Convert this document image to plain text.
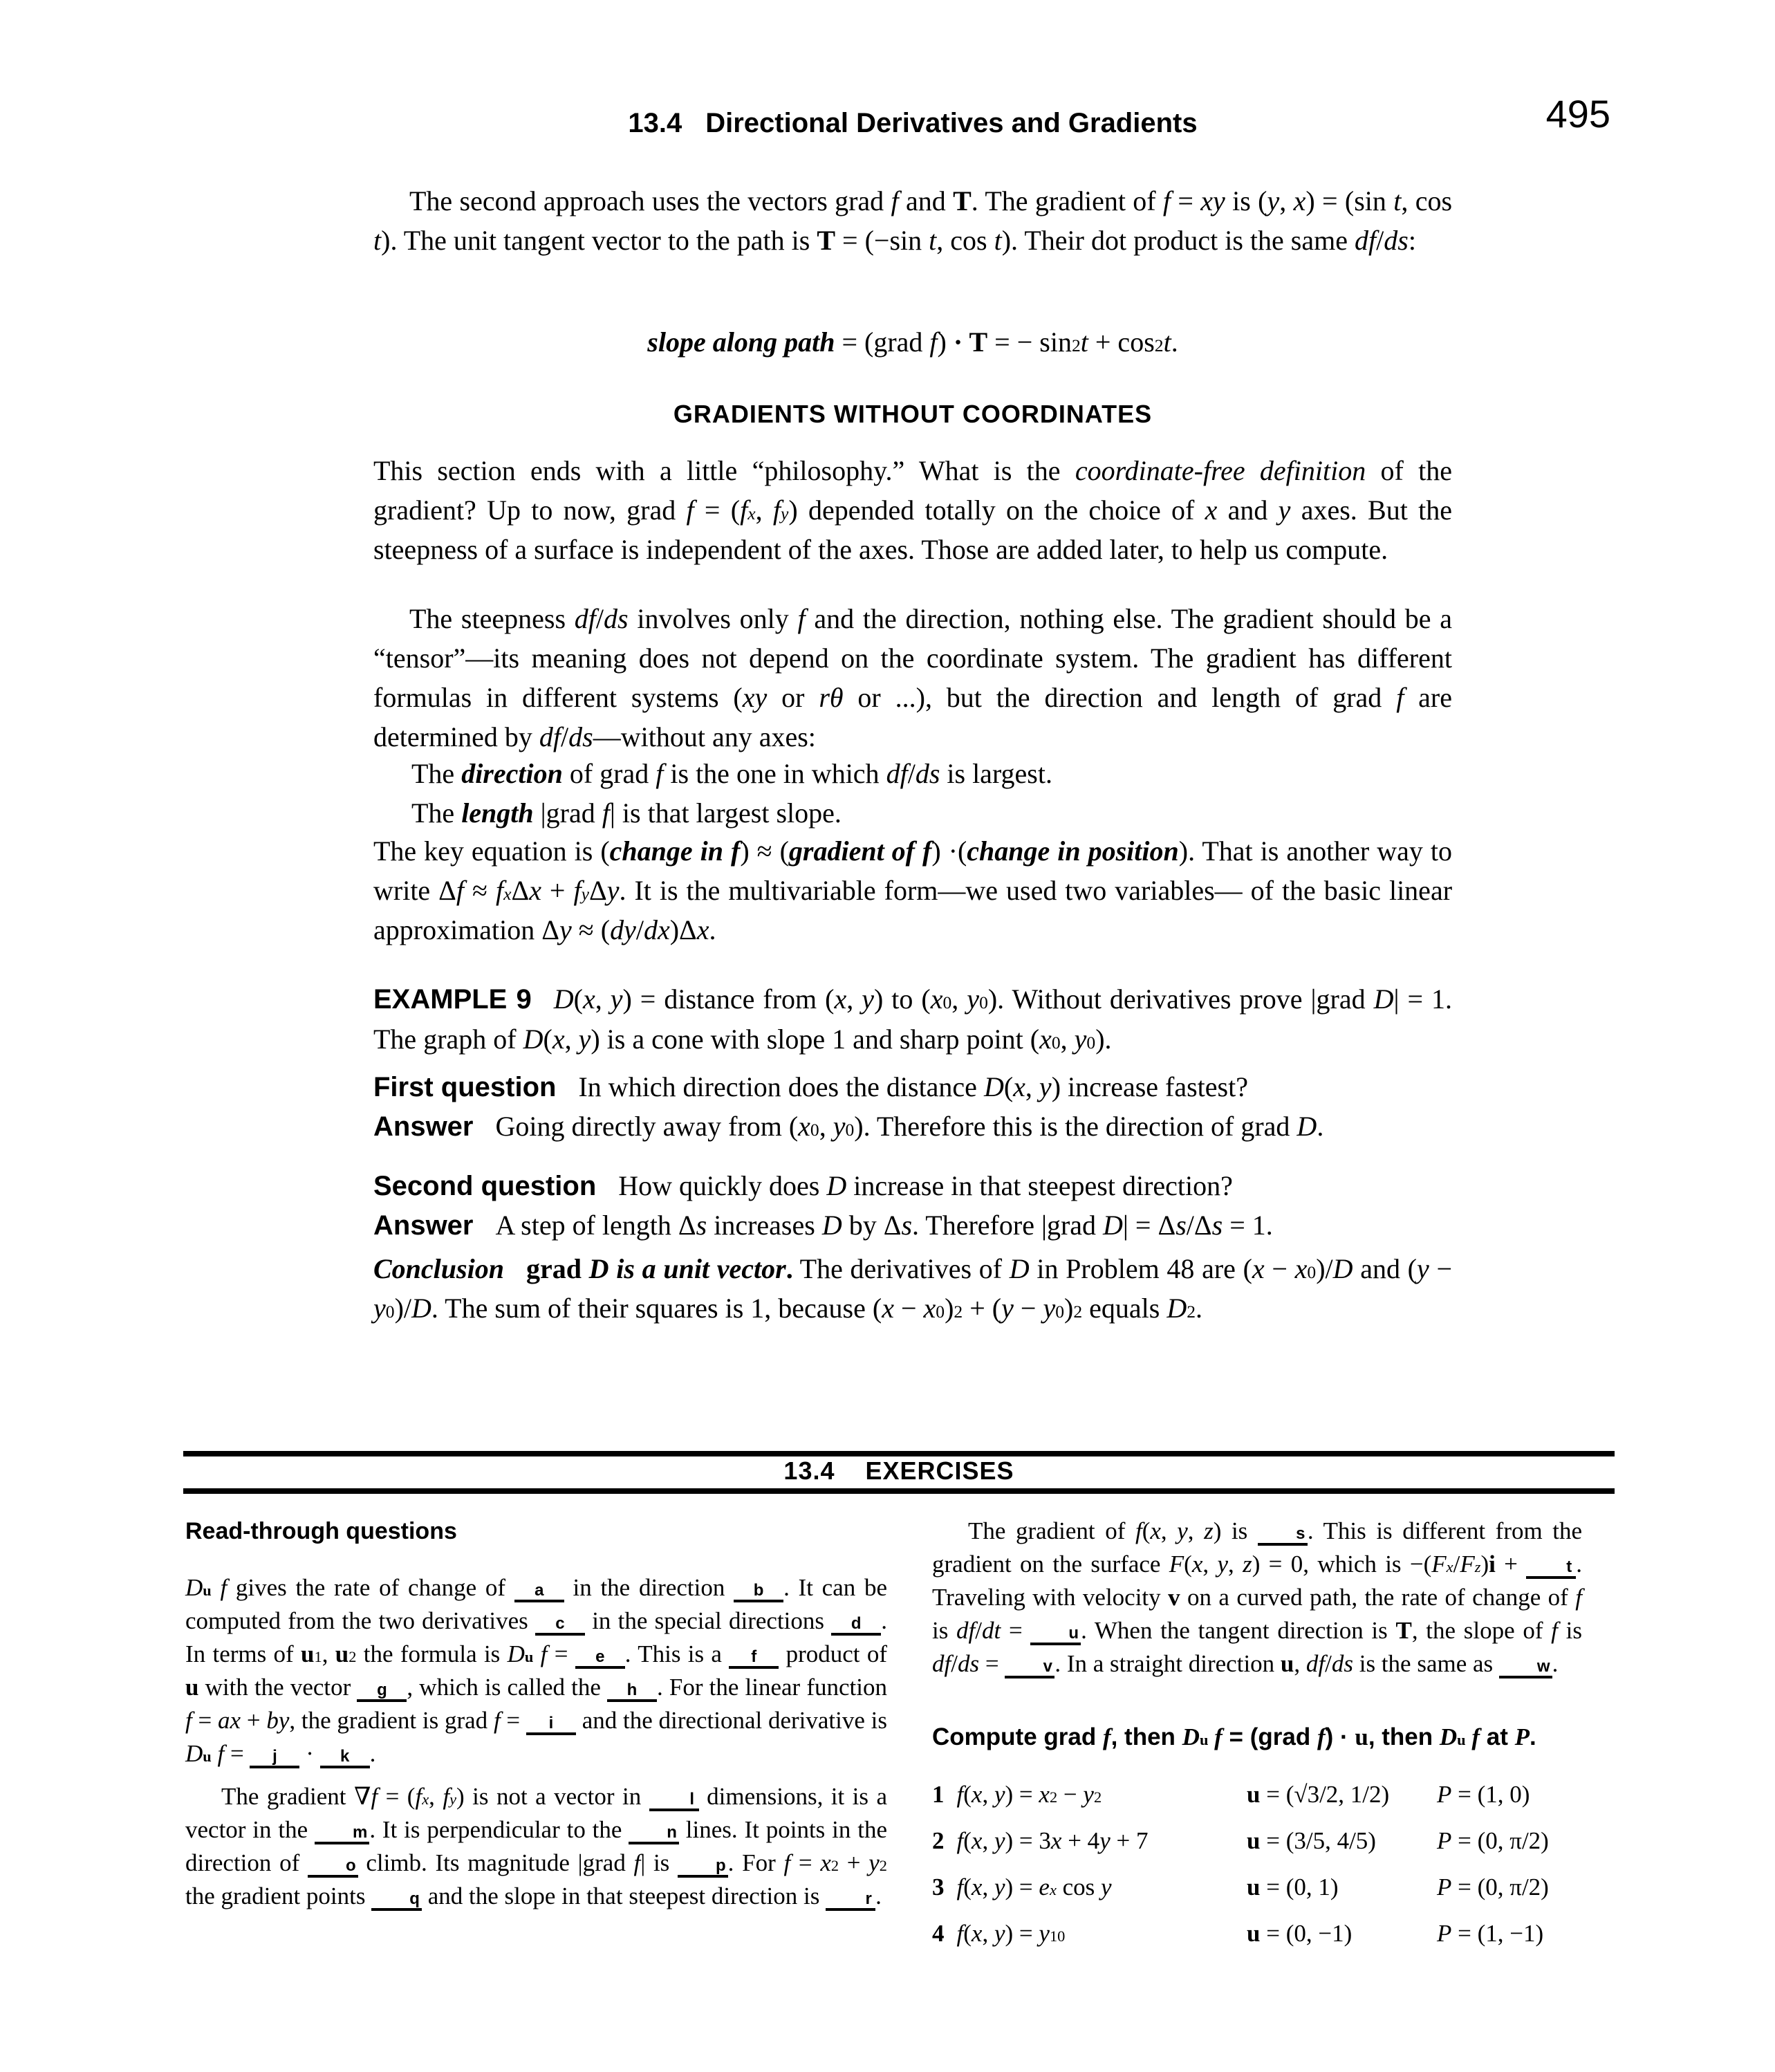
13.4 Directional Derivatives and Gradients	495
The second approach uses the vectors grad f and T. The gradient of f = xy is (y, x) = (sin t, cos t). The unit tangent vector to the path is T = (−sin t, cos t). Their dot product is the same df/ds:
slope along path = (grad f) · T = − $\sin^2t + \cos^2t$.
GRADIENTS WITHOUT COORDINATES
This section ends with a little “philosophy.” What is the coordinate-free definition of the gradient? Up to now, grad f = (fx, fy) depended totally on the choice of x and y axes. But the steepness of a surface is independent of the axes. Those are added later, to help us compute.
The steepness df/ds involves only f and the direction, nothing else. The gradient should be a “tensor”—its meaning does not depend on the coordinate system. The gradient has different formulas in different systems (xy or rθ or ...), but the direction and length of grad f are determined by df/ds—without any axes:
The direction of grad f is the one in which df/ds is largest.
The length |grad f| is that largest slope.
The key equation is (change in f) ≈ (gradient of f) ·(change in position). That is another way to write Δf ≈ fxΔx + fyΔy. It is the multivariable form—we used two variables— of the basic linear approximation Δy ≈ (dy/dx)Δx.
EXAMPLE 9 D(x, y) = distance from (x, y) to (x0, y0). Without derivatives prove |grad D| = 1. The graph of D(x, y) is a cone with slope 1 and sharp point (x0, y0).
First question In which direction does the distance D(x, y) increase fastest?
Answer Going directly away from (x0, y0). Therefore this is the direction of grad D.
Second question How quickly does D increase in that steepest direction?
Answer A step of length Δs increases D by Δs. Therefore |grad D| = Δs/Δs = 1.
Conclusion grad D is a unit vector. The derivatives of D in Problem 48 are (x − x0)/D and (y − y0)/D. The sum of their squares is 1, because $(x - x0)^2 + (y - y0)^2$ equals $D^2$.
13.4 EXERCISES

Read-through questions

Du f gives the rate of change of a in the direction b . It can be computed from the two derivatives c in the special directions d . In terms of u1, u2 the formula is Du f = e . This is a f product of u with the vector g , which is called the h . For the linear function f = ax + by, the gradient is grad f = i and the directional derivative is Du f = j · k .

The gradient ∇f = (fx, fy) is not a vector in l dimensions, it is a vector in the m. It is perpendicular to the n lines. It points in the direction of o climb. Its magnitude |grad f| is p. For $f = x^2 + y^2$ the gradient points q and the slope in that steepest direction is r .

The gradient of f(x, y, z) is s. This is different from the gradient on the surface F(x, y, z) = 0, which is −(Fx/Fz)i + t . Traveling with velocity v on a curved path, the rate of change of f is df/dt = u. When the tangent direction is T, the slope of f is df/ds = v. In a straight direction u, df/ds is the same as w.

Compute grad f, then Du f = (grad f) · u, then Du f at P.

1 f(x, $y) = x^2 - y^2$	u = (√3/2, 1/2)	P = (1, 0)
2 f(x, y) = 3x + 4y + 7	u = (3/5, 4/5)	P = (0, π/2)
3 f(x, $y) = e^x$ cos y	u = (0, 1)	P = (0, π/2)
4 f(x, $y) = y^{10}$	u = (0, −1)	P = (1, −1)
